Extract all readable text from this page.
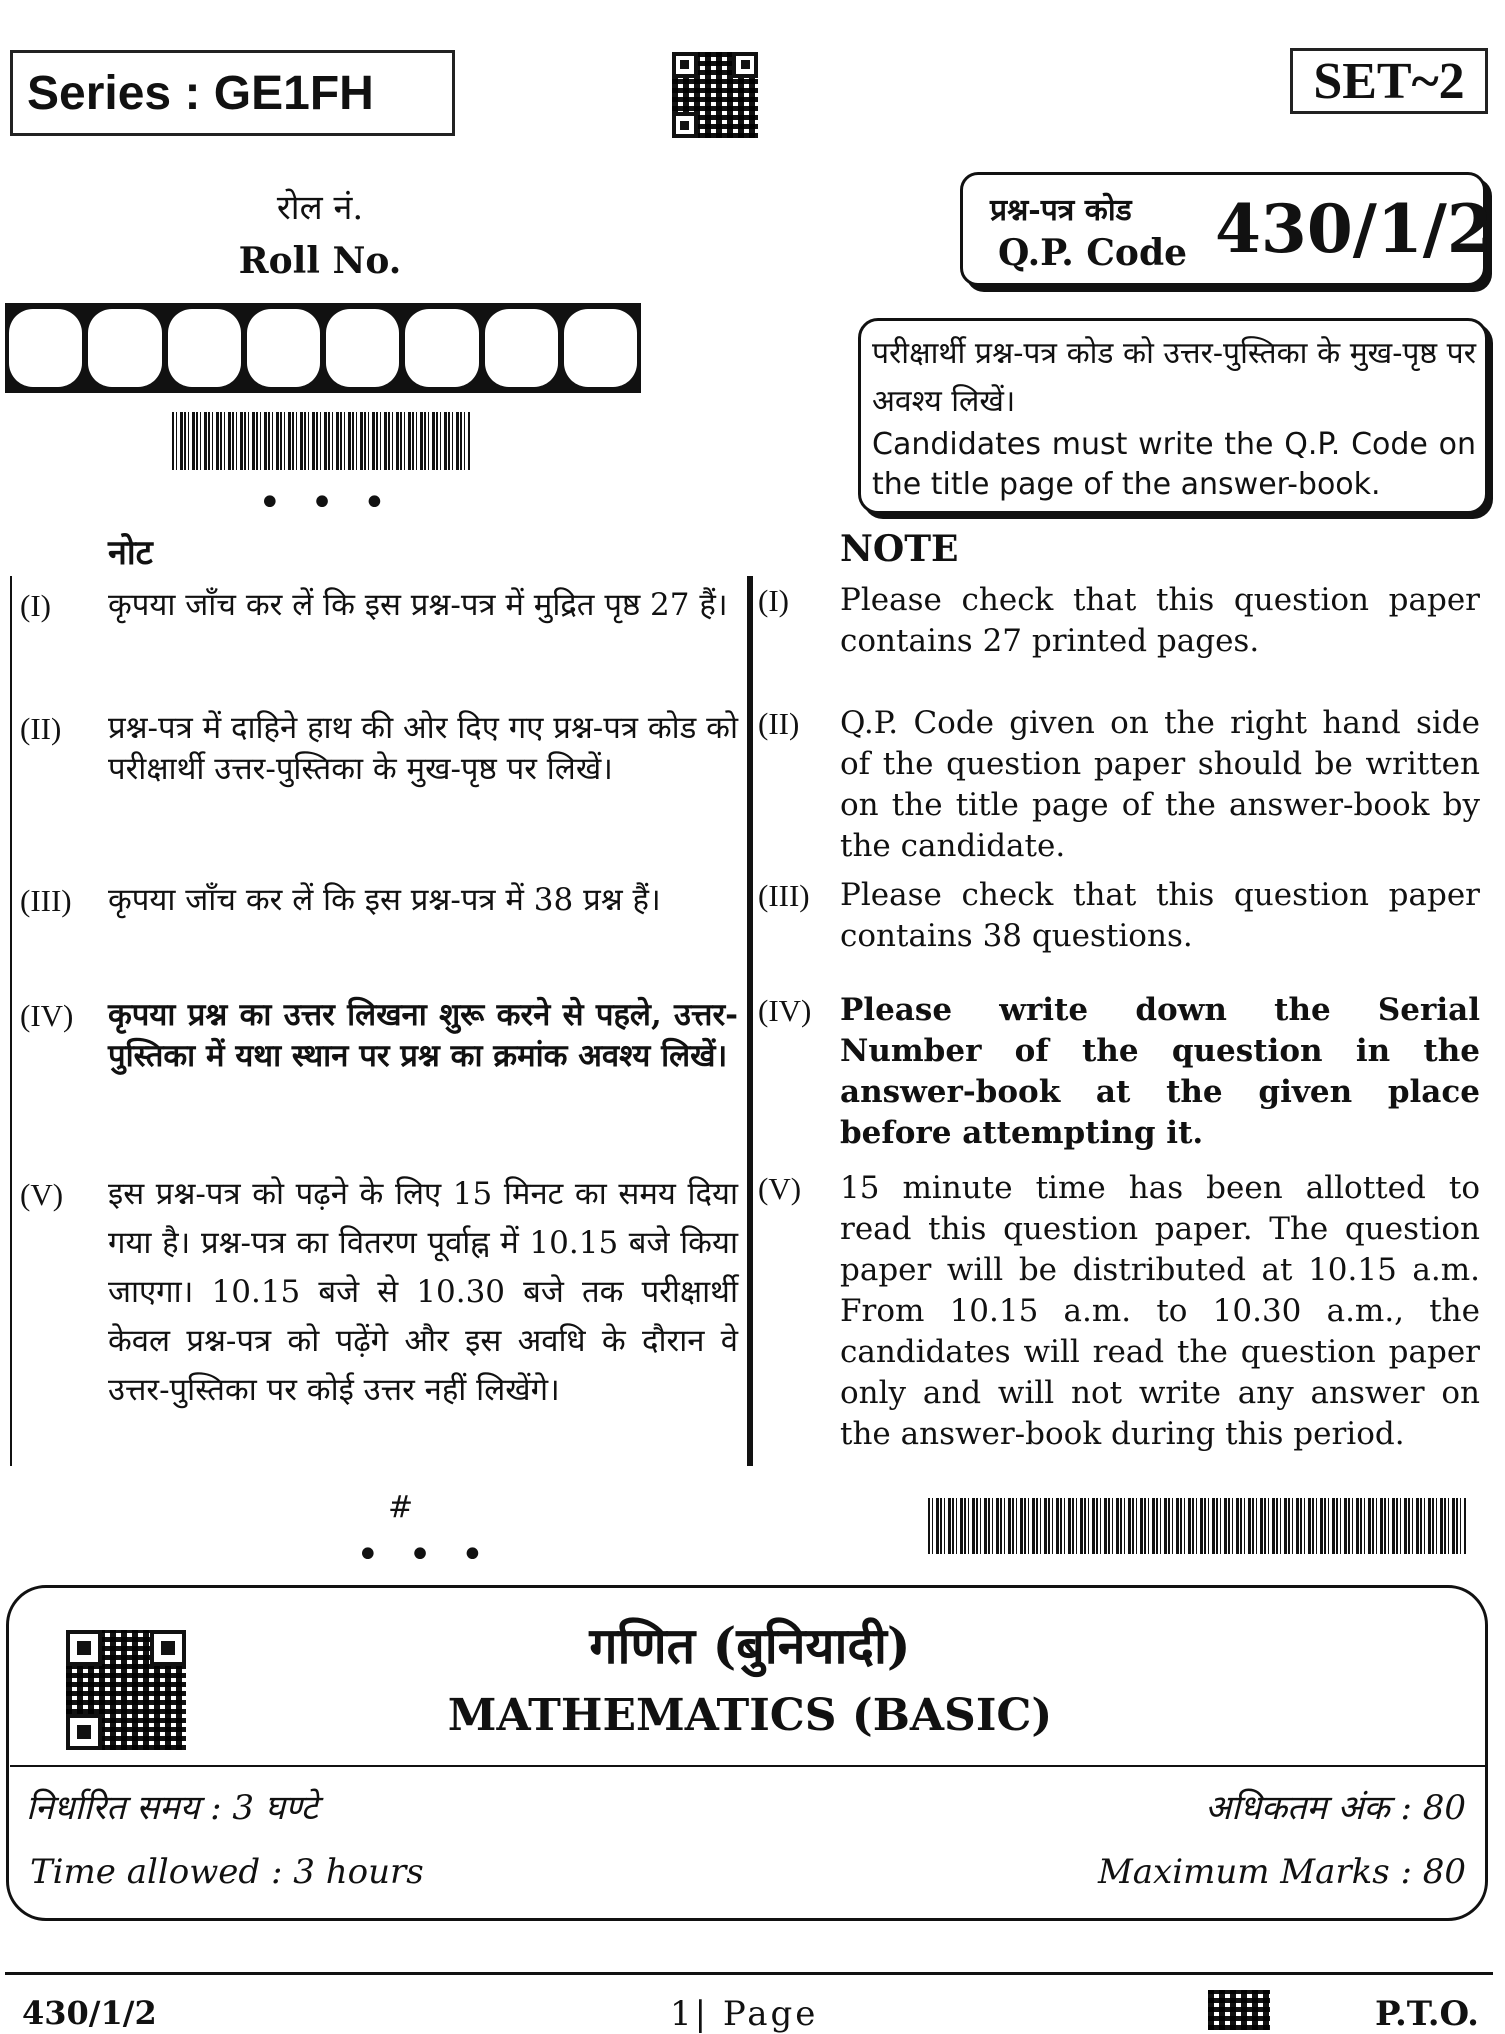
Series : GE1FH	SET~2
रोल नं.
Roll No.
• • •
प्रश्न-पत्र कोड
Q.P. Code 430/1/2
परीक्षार्थी प्रश्न-पत्र कोड को उत्तर-पुस्तिका के मुख-पृष्ठ पर अवश्य लिखें।
Candidates must write the Q.P. Code on the title page of the answer-book.
नोट	NOTE
(I) कृपया जाँच कर लें कि इस प्रश्न-पत्र में मुद्रित पृष्ठ 27 हैं।
(II) प्रश्न-पत्र में दाहिने हाथ की ओर दिए गए प्रश्न-पत्र कोड को परीक्षार्थी उत्तर-पुस्तिका के मुख-पृष्ठ पर लिखें।
(III) कृपया जाँच कर लें कि इस प्रश्न-पत्र में 38 प्रश्न हैं।
(IV) कृपया प्रश्न का उत्तर लिखना शुरू करने से पहले, उत्तर-पुस्तिका में यथा स्थान पर प्रश्न का क्रमांक अवश्य लिखें।
(V) इस प्रश्न-पत्र को पढ़ने के लिए 15 मिनट का समय दिया गया है। प्रश्न-पत्र का वितरण पूर्वाह्न में 10.15 बजे किया जाएगा। 10.15 बजे से 10.30 बजे तक परीक्षार्थी केवल प्रश्न-पत्र को पढ़ेंगे और इस अवधि के दौरान वे उत्तर-पुस्तिका पर कोई उत्तर नहीं लिखेंगे।
(I) Please check that this question paper contains 27 printed pages.
(II) Q.P. Code given on the right hand side of the question paper should be written on the title page of the answer-book by the candidate.
(III) Please check that this question paper contains 38 questions.
(IV) Please write down the Serial Number of the question in the answer-book at the given place before attempting it.
(V) 15 minute time has been allotted to read this question paper. The question paper will be distributed at 10.15 a.m. From 10.15 a.m. to 10.30 a.m., the candidates will read the question paper only and will not write any answer on the answer-book during this period.
#
• • •
गणित (बुनियादी)
MATHEMATICS (BASIC)
निर्धारित समय : 3 घण्टे
Time allowed : 3 hours
अधिकतम अंक : 80
Maximum Marks : 80
430/1/2	1| Page	P.T.O.
